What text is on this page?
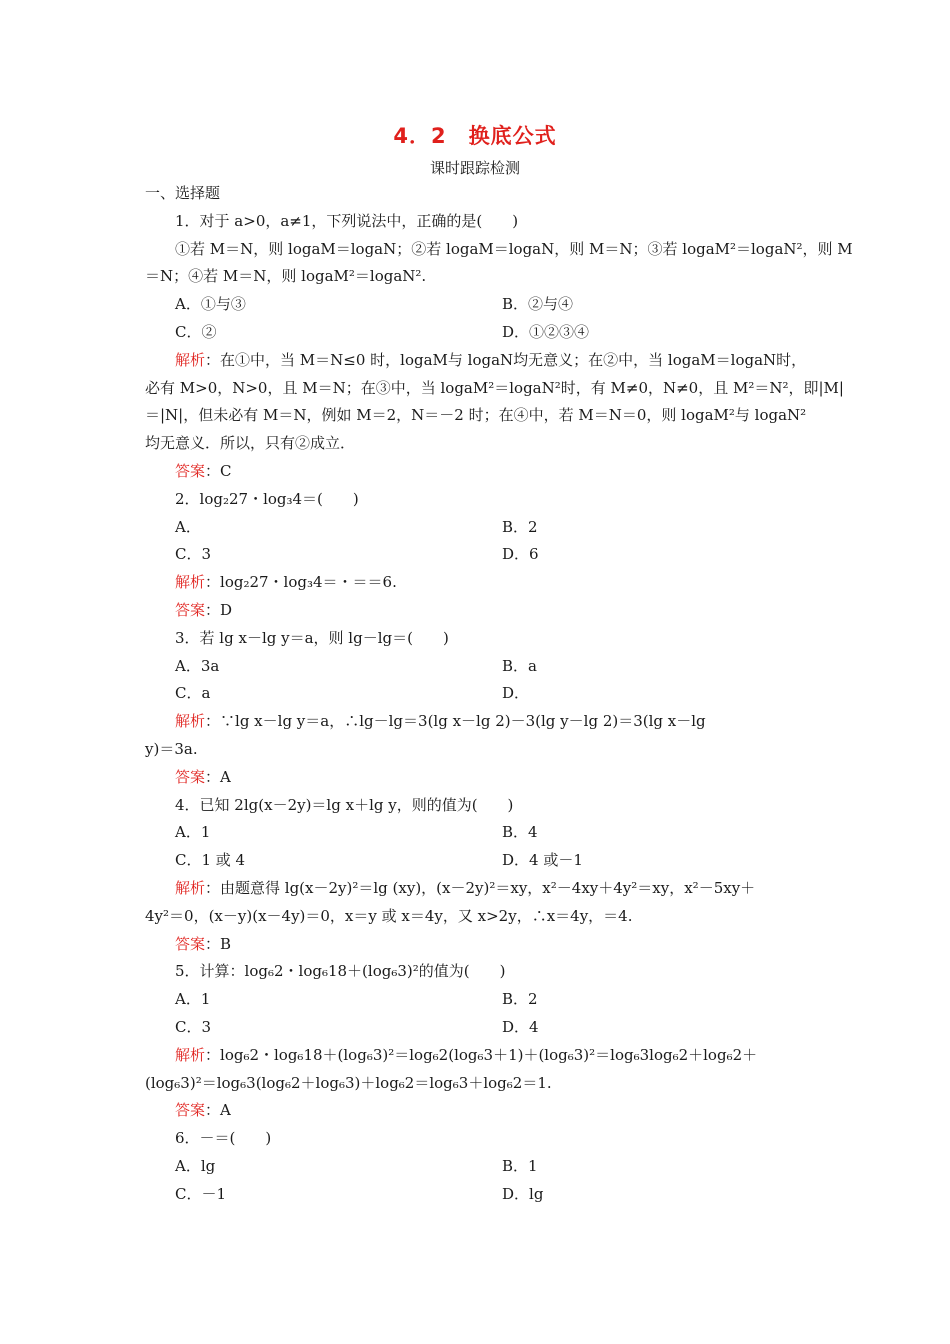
4．2　换底公式
课时跟踪检测
一、选择题
1．对于 a>0，a≠1，下列说法中，正确的是(　　)
①若 M＝N，则 logaM＝logaN；②若 logaM＝logaN，则 M＝N；③若 logaM²＝logaN²，则 M
＝N；④若 M＝N，则 logaM²＝logaN².
A．①与③	B．②与④
C．②	D．①②③④
解析：在①中，当 M＝N≤0 时，logaM与 logaN均无意义；在②中，当 logaM＝logaN时，
必有 M>0，N>0，且 M＝N；在③中，当 logaM²＝logaN²时，有 M≠0，N≠0，且 M²＝N²，即|M|
＝|N|，但未必有 M＝N，例如 M＝2，N＝－2 时；在④中，若 M＝N＝0，则 logaM²与 logaN²
均无意义．所以，只有②成立．
答案：C
2．log₂27・log₃4＝(　　)
A．	B．2
C．3	D．6
解析：log₂27・log₃4＝・＝＝6.
答案：D
3．若 lg x－lg y＝a，则 lg－lg＝(　　)
A．3a	B．a
C．a	D．
解析：∵lg x－lg y＝a，∴lg－lg＝3(lg x－lg 2)－3(lg y－lg 2)＝3(lg x－lg
y)＝3a.
答案：A
4．已知 2lg(x－2y)＝lg x＋lg y，则的值为(　　)
A．1	B．4
C．1 或 4	D．4 或－1
解析：由题意得 lg(x－2y)²＝lg (xy)，(x－2y)²＝xy，x²－4xy＋4y²＝xy，x²－5xy＋
4y²＝0，(x－y)(x－4y)＝0，x＝y 或 x＝4y，又 x>2y，∴x＝4y，＝4.
答案：B
5．计算：log₆2・log₆18＋(log₆3)²的值为(　　)
A．1	B．2
C．3	D．4
解析：log₆2・log₆18＋(log₆3)²＝log₆2(log₆3＋1)＋(log₆3)²＝log₆3log₆2＋log₆2＋
(log₆3)²＝log₆3(log₆2＋log₆3)＋log₆2＝log₆3＋log₆2＝1.
答案：A
6．－＝(　　)
A．lg	B．1
C．－1	D．lg
